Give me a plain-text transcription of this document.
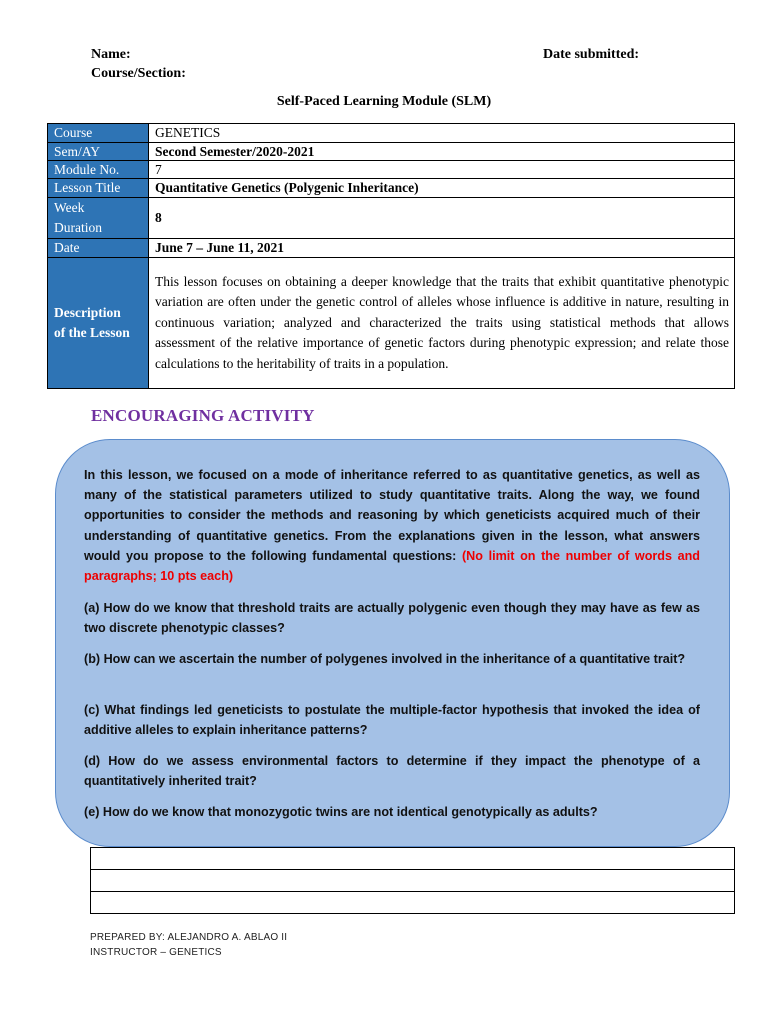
Name:
Course/Section:
Date submitted:
Self-Paced Learning Module (SLM)
Course	GENETICS
Sem/AY	Second Semester/2020-2021
Module No.	7
Lesson Title	Quantitative Genetics (Polygenic Inheritance)

Week
Duration	8
Date	June 7 – June 11, 2021

Description
of the Lesson	This lesson focuses on obtaining a deeper knowledge that the traits that exhibit quantitative phenotypic variation are often under the genetic control of alleles whose influence is additive in nature, resulting in continuous variation; analyzed and characterized the traits using statistical methods that allows assessment of the relative importance of genetic factors during phenotypic expression; and relate those calculations to the heritability of traits in a population.
ENCOURAGING ACTIVITY
In this lesson, we focused on a mode of inheritance referred to as quantitative genetics, as well as many of the statistical parameters utilized to study quantitative traits. Along the way, we found opportunities to consider the methods and reasoning by which geneticists acquired much of their understanding of quantitative genetics. From the explanations given in the lesson, what answers would you propose to the following fundamental questions: (No limit on the number of words and paragraphs; 10 pts each)
(a) How do we know that threshold traits are actually polygenic even though they may have as few as two discrete phenotypic classes?
(b) How can we ascertain the number of polygenes involved in the inheritance of a quantitative trait?
(c) What findings led geneticists to postulate the multiple-factor hypothesis that invoked the idea of additive alleles to explain inheritance patterns?
(d) How do we assess environmental factors to determine if they impact the phenotype of a quantitatively inherited trait?
(e) How do we know that monozygotic twins are not identical genotypically as adults?
PREPARED BY: ALEJANDRO A. ABLAO II
INSTRUCTOR – GENETICS
